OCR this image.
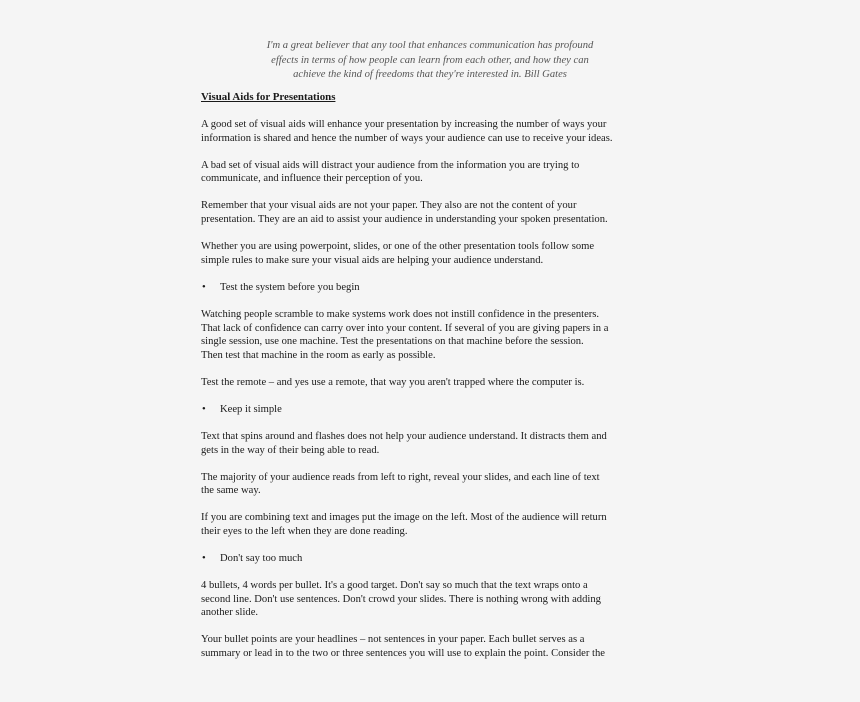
I'm a great believer that any tool that enhances communication has profound
effects in terms of how people can learn from each other, and how they can
achieve the kind of freedoms that they're interested in. Bill Gates
Visual Aids for Presentations

A good set of visual aids will enhance your presentation by increasing the number of ways your
information is shared and hence the number of ways your audience can use to receive your ideas.

A bad set of visual aids will distract your audience from the information you are trying to
communicate, and influence their perception of you.

Remember that your visual aids are not your paper. They also are not the content of your
presentation. They are an aid to assist your audience in understanding your spoken presentation.

Whether you are using powerpoint, slides, or one of the other presentation tools follow some
simple rules to make sure your visual aids are helping your audience understand.

•	Test the system before you begin

Watching people scramble to make systems work does not instill confidence in the presenters.
That lack of confidence can carry over into your content. If several of you are giving papers in a
single session, use one machine. Test the presentations on that machine before the session.
Then test that machine in the room as early as possible.

Test the remote – and yes use a remote, that way you aren't trapped where the computer is.

•	Keep it simple

Text that spins around and flashes does not help your audience understand. It distracts them and
gets in the way of their being able to read.

The majority of your audience reads from left to right, reveal your slides, and each line of text
the same way.

If you are combining text and images put the image on the left. Most of the audience will return
their eyes to the left when they are done reading.

•	Don't say too much

4 bullets, 4 words per bullet. It's a good target. Don't say so much that the text wraps onto a
second line. Don't use sentences. Don't crowd your slides. There is nothing wrong with adding
another slide.

Your bullet points are your headlines – not sentences in your paper. Each bullet serves as a
summary or lead in to the two or three sentences you will use to explain the point. Consider the
